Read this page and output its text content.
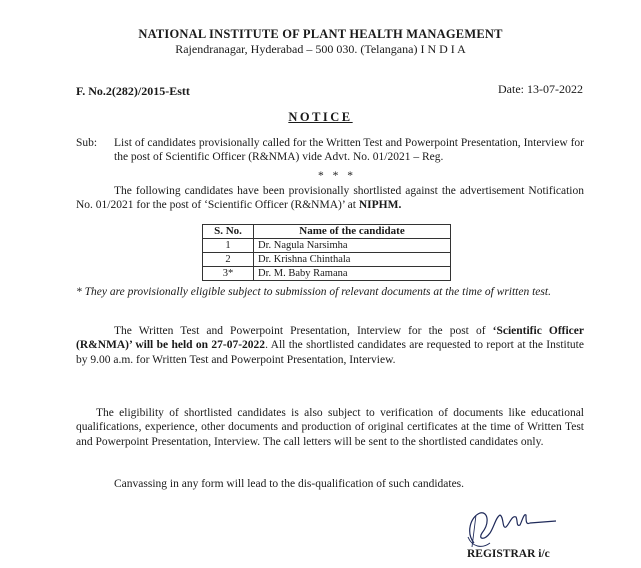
NATIONAL INSTITUTE OF PLANT HEALTH MANAGEMENT
Rajendranagar, Hyderabad – 500 030. (Telangana) I N D I A
F. No.2(282)/2015-Estt	Date: 13-07-2022
NOTICE
Sub: List of candidates provisionally called for the Written Test and Powerpoint Presentation, Interview for the post of Scientific Officer (R&NMA) vide Advt. No. 01/2021 – Reg.
* * *
The following candidates have been provisionally shortlisted against the advertisement Notification No. 01/2021 for the post of ‘Scientific Officer (R&NMA)’ at NIPHM.
S. No.	Name of the candidate
1	Dr. Nagula Narsimha
2	Dr. Krishna Chinthala
3*	Dr. M. Baby Ramana
* They are provisionally eligible subject to submission of relevant documents at the time of written test.
The Written Test and Powerpoint Presentation, Interview for the post of ‘Scientific Officer (R&NMA)’ will be held on 27-07-2022. All the shortlisted candidates are requested to report at the Institute by 9.00 a.m. for Written Test and Powerpoint Presentation, Interview.
The eligibility of shortlisted candidates is also subject to verification of documents like educational qualifications, experience, other documents and production of original certificates at the time of Written Test and Powerpoint Presentation, Interview. The call letters will be sent to the shortlisted candidates only.
Canvassing in any form will lead to the dis-qualification of such candidates.
REGISTRAR i/c
